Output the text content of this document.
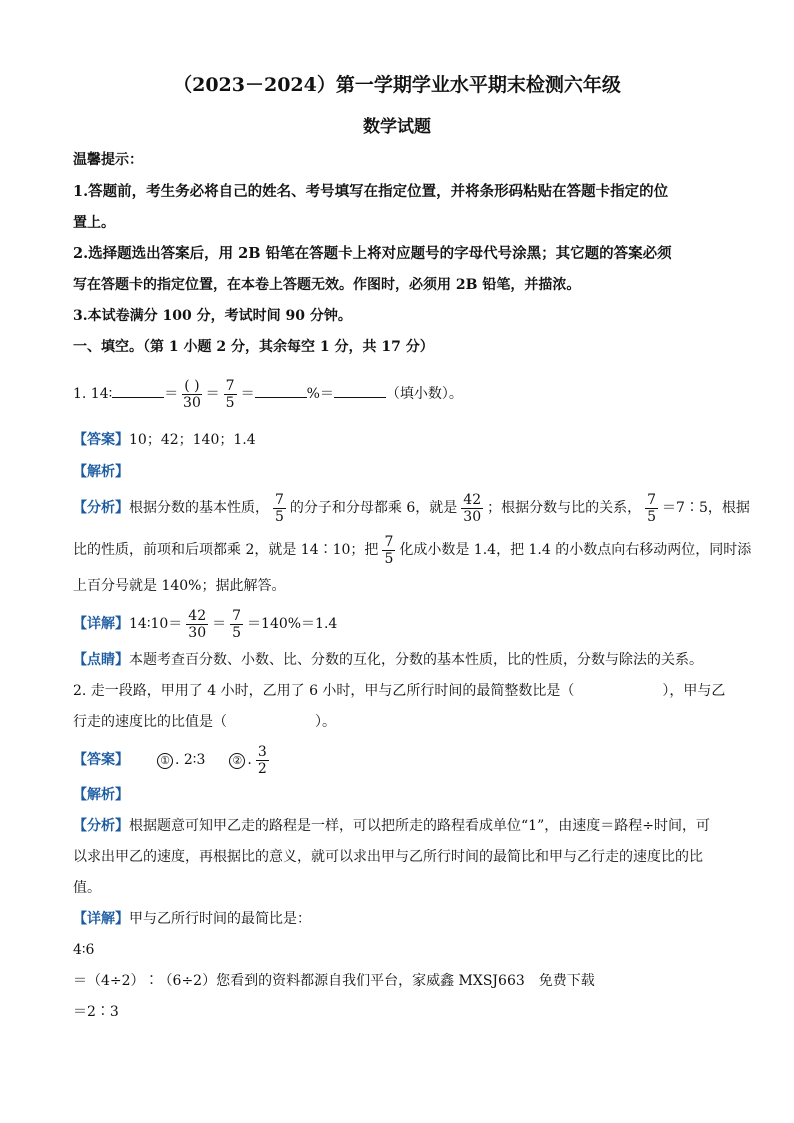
（2023－2024）第一学期学业水平期末检测六年级
数学试题
温馨提示：
1.答题前，考生务必将自己的姓名、考号填写在指定位置，并将条形码粘贴在答题卡指定的位
置上。
2.选择题选出答案后，用 2B 铅笔在答题卡上将对应题号的字母代号涂黑；其它题的答案必须
写在答题卡的指定位置，在本卷上答题无效。作图时，必须用 2B 铅笔，并描浓。
3.本试卷满分 100 分，考试时间 90 分钟。
一、填空。（第 1 小题 2 分，其余每空 1 分，共 17 分）
1. 14∶	＝ $\frac{( )}{30} = \frac{7}{5}$ ＝	%＝	（填小数）。
【答案】10；42；140；1.4
【解析】
【分析】根据分数的基本性质， $\frac{7}{5}$ 的分子和分母都乘 6，就是 $\frac{42}{30}$ ；根据分数与比的关系， $\frac{7}{5}$ ＝7∶5，根据
比的性质，前项和后项都乘 2，就是 14∶10；把 $\frac{7}{5}$ 化成小数是 1.4，把 1.4 的小数点向右移动两位，同时添
上百分号就是 140%；据此解答。
【详解】14∶10＝ $\frac{42}{30} = \frac{7}{5} =140\%=1.4$
【点睛】本题考查百分数、小数、比、分数的互化，分数的基本性质，比的性质，分数与除法的关系。
2. 走一段路，甲用了 4 小时，乙用了 6 小时，甲与乙所行时间的最简整数比是（	），甲与乙
行走的速度比的比值是（	）。
【答案】	① . 2∶3 ② . $\frac{3}{2}$
【解析】
【分析】根据题意可知甲乙走的路程是一样，可以把所走的路程看成单位“1”，由速度＝路程÷时间，可
以求出甲乙的速度，再根据比的意义，就可以求出甲与乙所行时间的最简比和甲与乙行走的速度比的比
值。
【详解】甲与乙所行时间的最简比是：
4∶6
＝（4÷2）∶（6÷2）您看到的资料都源自我们平台，家威鑫 MXSJ663　免费下载
＝2∶3
